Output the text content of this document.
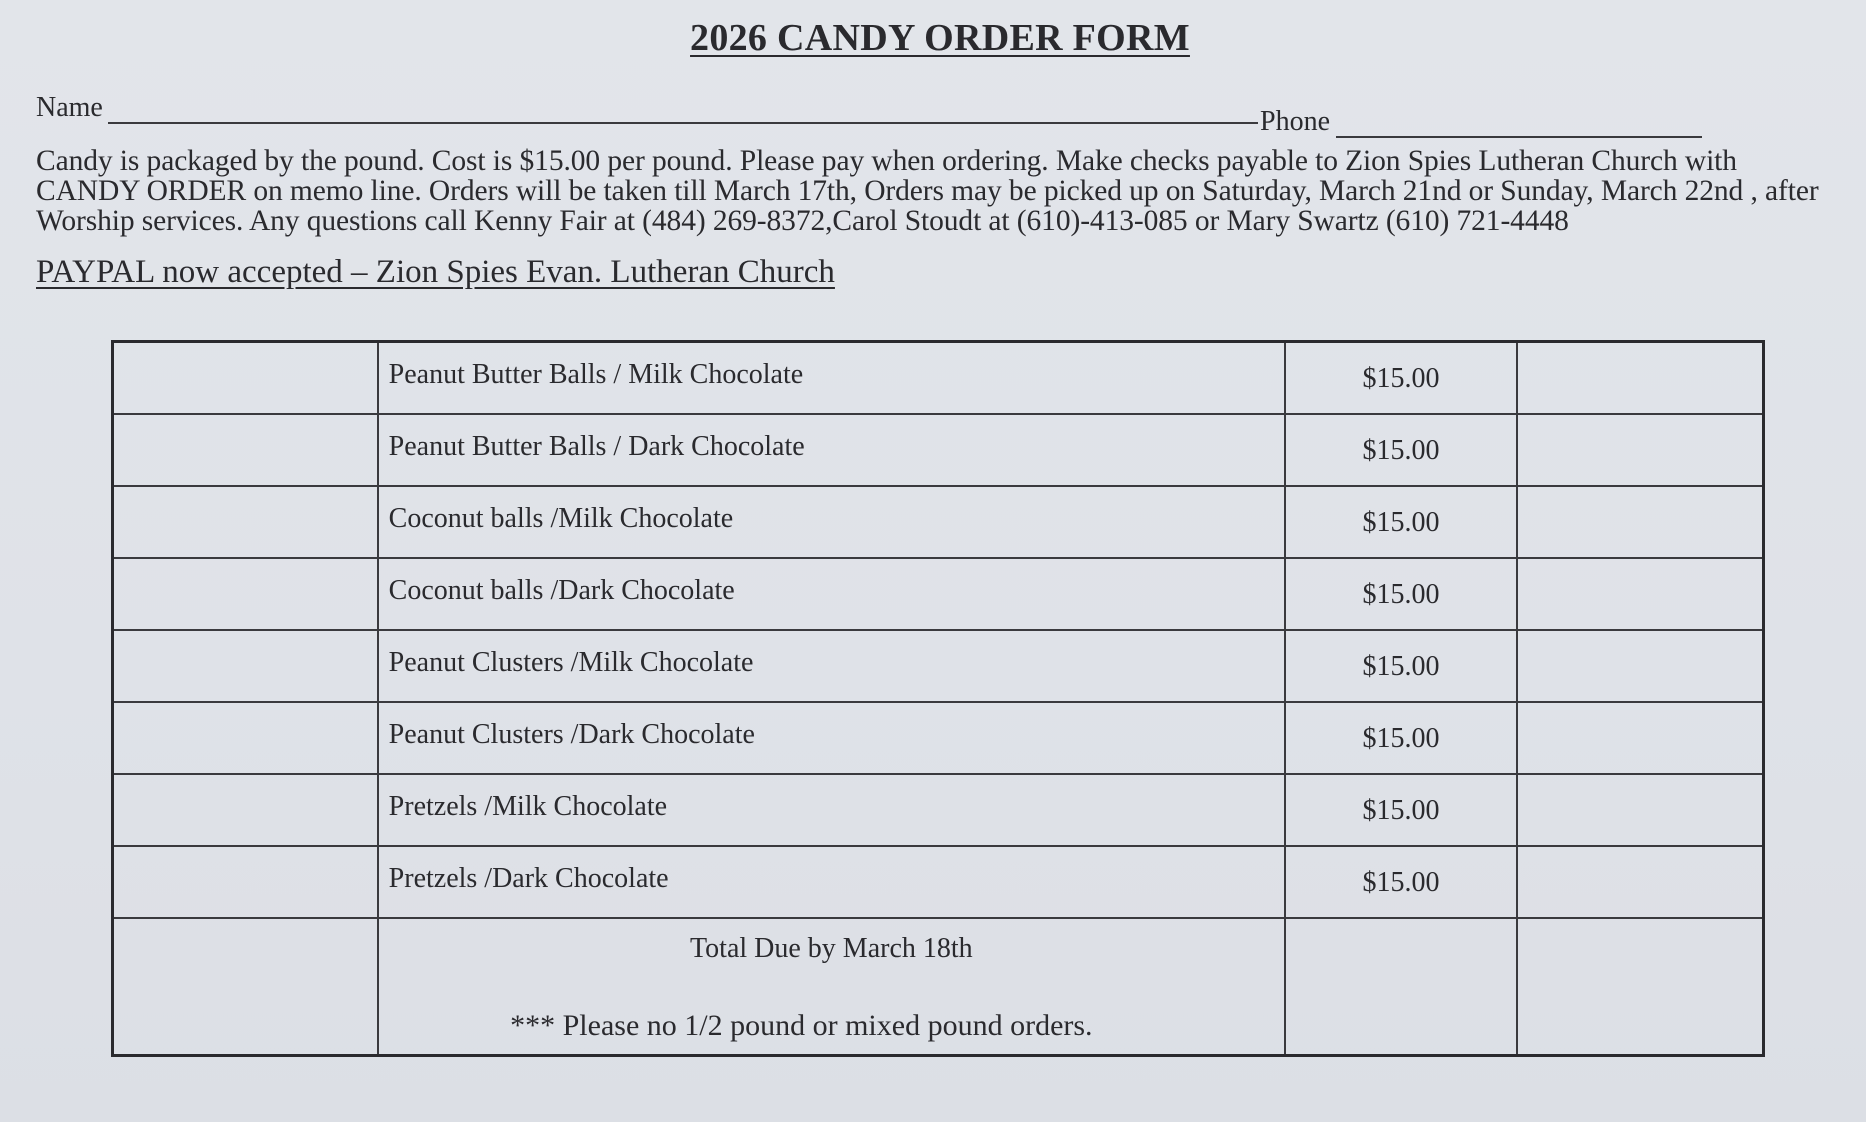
2026 CANDY ORDER FORM
Name	Phone
Candy is packaged by the pound. Cost is $15.00 per pound. Please pay when ordering. Make checks payable to Zion Spies Lutheran Church with CANDY ORDER on memo line. Orders will be taken till March 17th, Orders may be picked up on Saturday, March 21nd or Sunday, March 22nd , after Worship services. Any questions call Kenny Fair at (484) 269-8372,Carol Stoudt at (610)-413-085 or Mary Swartz (610) 721-4448
PAYPAL now accepted – Zion Spies Evan. Lutheran Church
	Peanut Butter Balls / Milk Chocolate	$15.00	
	Peanut Butter Balls / Dark Chocolate	$15.00	
	Coconut balls /Milk Chocolate	$15.00	
	Coconut balls /Dark Chocolate	$15.00	
	Peanut Clusters /Milk Chocolate	$15.00	
	Peanut Clusters /Dark Chocolate	$15.00	
	Pretzels /Milk Chocolate	$15.00	
	Pretzels /Dark Chocolate	$15.00	

	Total Due by March 18th
*** Please no 1/2 pound or mixed pound orders.		
